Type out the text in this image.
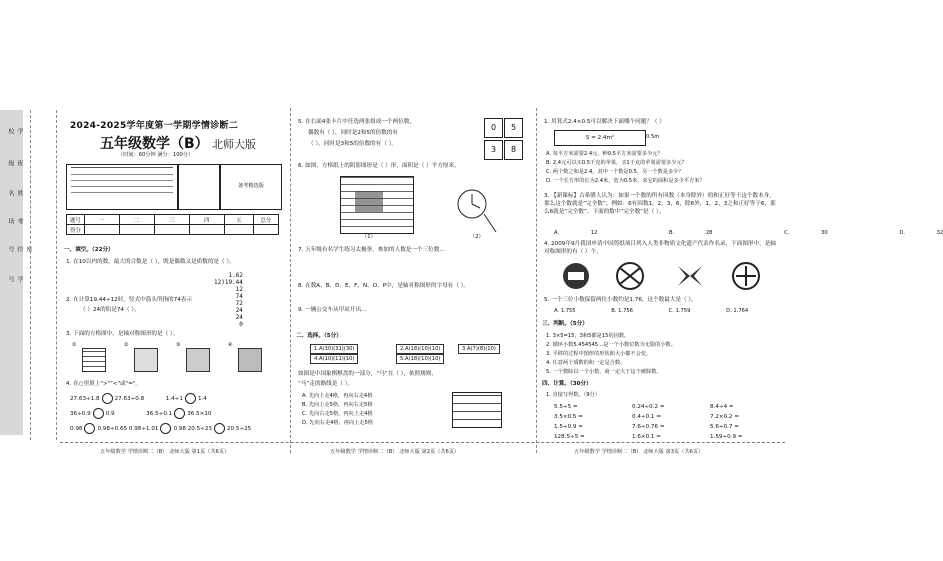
学校
班级
姓名
考场
座位号
学号
2024-2025学年度第一学期学情诊断二
五年级数学（B） 北师大版
（时间：60分钟 满分：100分）
备考精选版
题号	一	二	三	四	五	总分
得分						
一、填空。（22分）
1. 在10以内的数，最大的合数是（ ），既是偶数又是质数的是（ ）。
1.62
12)19.44
12
74
72
24
24
0
2. 在计算19.44÷12时，竖式中箭头所指的74表示
（ ）24的积是74（ ）。
3. 下面的方格图中，是轴对称图形的是（ ）。
①	②	③	④
4. 在○里填上">""<"或"="。
27.63÷1.8	27.63÷0.8	1.4÷1	1.4
36÷0.9	0.9	36.5÷0.1	36.5×10
0.98	0.98÷0.65 0.98÷1.01	0.98 20.5÷23	20.5÷25
五年级数学 学情诊断二（B） 北师大版 第1页（共6页）
5. 在右面4张卡片中任选两张组成一个两位数，
偶数有（ ），同时是2和5的倍数的有
（ ），同时是3和5的倍数的有（ ）。
0	5
3	8
6. 如图，方格纸上的阴影图形是（ ）形，面积是（ ）平方厘米。
（1）	（2）
7. 五年级有名学生练习太极拳，参加的人数是一个三位数…
8. 在数A、B、D、E、F、N、O、P中，是轴对称图形的字母有（ ）。
9. 一辆公交车从甲站开出…
二、选择。（5分）
1.A(30)(31)(30)	2.A(18)(10)(10)	3.A(7)(8)(10)
4.A(10)(11)(10)	5.A(18)(10)(10)
如图是中国象棋棋盘的一部分，“马”在（ ），依照规则，
“马”走的路线是（ ）。
A. 先向上走4格，再向右走4格
B. 先向上走5格，再向右走5格
C. 先向右走5格，再向上走4格
D. 先向右走4格，再向上走5格
五年级数学 学情诊断二（B） 北师大版 第2页（共6页）
1. 用算式2.4×0.5可以解决下面哪个问题？（ ）
S = 2.4m²	0.5m
A. 每平方米需要2.4元，种0.5平方米需要多少元？
B. 2.4元可以买0.5千克的苹果，买1千克的苹果需要多少元？
C. 两个数之和是2.4，其中一个数是0.5，另一个数是多少？
D. 一个长方形的长为2.4米，宽为0.5米，求它的面积是多少平方米？
3. 【新课标】古希腊人认为：如果一个数的所有因数（本身除外）的和正好等于这个数本身，那么这个数就是“完全数”。例如：6有因数1，2，3，6，除6外，1，2，3之和正好等于6，那么6就是“完全数”。下面的数中“完全数”是（ ）。
A. 12	B. 28	C. 30	D. 32
4. 2009年9月我国申请中国剪纸项目列入人类非物质文化遗产代表作名录，下面图形中，是轴对称图形的有（ ）个。
5. 一个三位小数保留两位小数约是1.76，这个数最大是（ ）。
A. 1.755	B. 1.756	C. 1.759	D. 1.764
三、判断。（5分）
1. 3×5=15，3和5都是15的因数。
2. 循环小数5.454545…是一个小数位数为无限的小数。
3. 平移的过程中图形的形状和大小都不会变。
4. 任意两个质数的积一定是合数。
5. 一个数除以一个小数，商一定大于这个被除数。
四、计算。（30分）
1. 直接写得数。（9分）
5.5÷5 =	0.24÷0.2 =	8.4÷4 =
3.5×0.5 =	0.4÷0.1 =	7.2×0.2 =
1.5÷0.9 =	7.6÷0.76 =	5.6÷0.7 =
128.5÷5 =	1.6×0.1 =	1.59÷0.9 =
五年级数学 学情诊断二（B） 北师大版 第3页（共6页）
